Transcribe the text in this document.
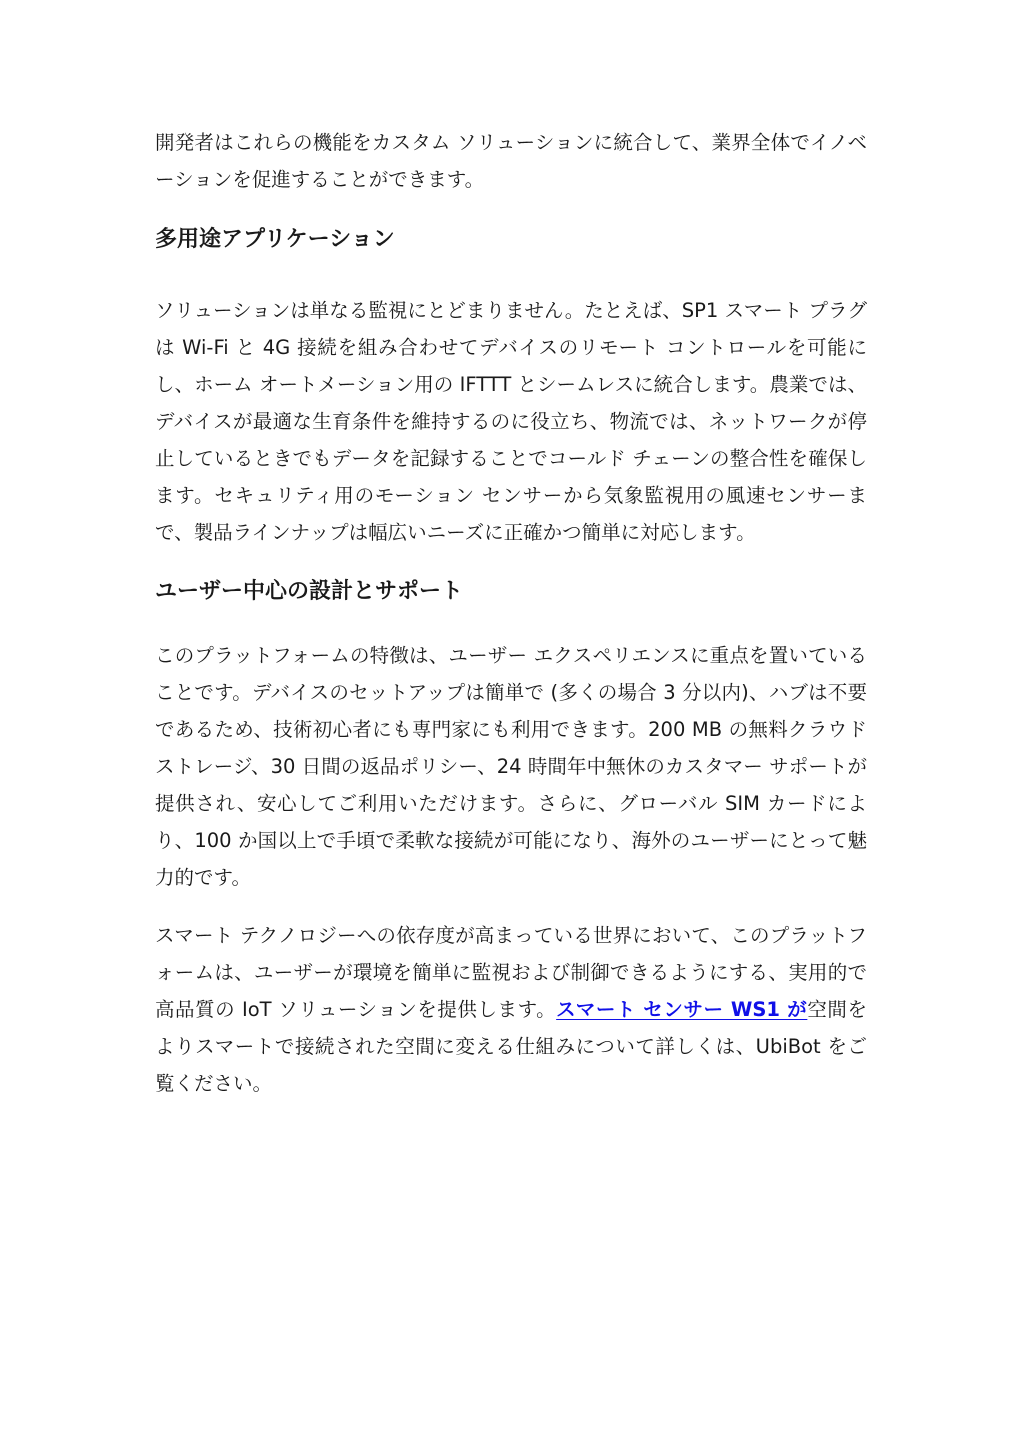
開発者はこれらの機能をカスタム ソリューションに統合して、業界全体でイノベーションを促進することができます。

多用途アプリケーション

ソリューションは単なる監視にとどまりません。たとえば、SP1 スマート プラグは Wi-Fi と 4G 接続を組み合わせてデバイスのリモート コントロールを可能にし、ホーム オートメーション用の IFTTT とシームレスに統合します。農業では、デバイスが最適な生育条件を維持するのに役立ち、物流では、ネットワークが停止しているときでもデータを記録することでコールド チェーンの整合性を確保します。セキュリティ用のモーション センサーから気象監視用の風速センサーまで、製品ラインナップは幅広いニーズに正確かつ簡単に対応します。

ユーザー中心の設計とサポート

このプラットフォームの特徴は、ユーザー エクスペリエンスに重点を置いていることです。デバイスのセットアップは簡単で (多くの場合 3 分以内)、ハブは不要であるため、技術初心者にも専門家にも利用できます。200 MB の無料クラウド ストレージ、30 日間の返品ポリシー、24 時間年中無休のカスタマー サポートが提供され、安心してご利用いただけます。さらに、グローバル SIM カードにより、100 か国以上で手頃で柔軟な接続が可能になり、海外のユーザーにとって魅力的です。

スマート テクノロジーへの依存度が高まっている世界において、このプラットフォームは、ユーザーが環境を簡単に監視および制御できるようにする、実用的で高品質の IoT ソリューションを提供します。スマート センサー WS1 が空間をよりスマートで接続された空間に変える仕組みについて詳しくは、UbiBot をご覧ください。
